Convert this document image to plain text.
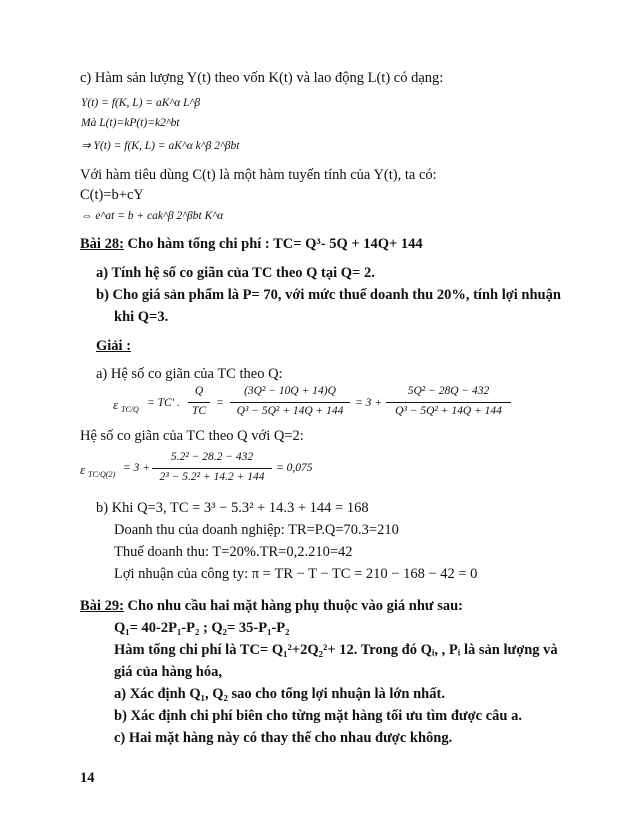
c) Hàm sản lượng Y(t) theo vốn K(t) và lao động L(t) có dạng:
Y(t) = f(K, L) = aK^α L^β
Mà L(t)=kP(t)=k2^bt
⇒ Y(t) = f(K, L) = aK^α k^β 2^βbt
Với hàm tiêu dùng C(t) là một hàm tuyến tính của Y(t), ta có:
C(t)=b+cY
⇔ e^at = b + cak^β 2^βbt K^α
Bài 28: Cho hàm tổng chi phí : TC= Q³- 5Q + 14Q+ 144
a) Tính hệ số co giãn của TC theo Q tại Q= 2.
b) Cho giá sản phẩm là P= 70, với mức thuế doanh thu 20%, tính lợi nhuận
khi Q=3.
Giải :
a) Hệ số co giãn của TC theo Q:
ε TC/Q
= TC' .
Q
TC
=
(3Q² − 10Q + 14)Q
Q³ − 5Q² + 14Q + 144
= 3 +
5Q² − 28Q − 432
Q³ − 5Q² + 14Q + 144
Hệ số co giãn của TC theo Q với Q=2:
ε TC/Q(2)
= 3 +
5.2² − 28.2 − 432
2³ − 5.2² + 14.2 + 144
= 0,075
b) Khi Q=3, TC = 3³ − 5.3² + 14.3 + 144 = 168
Doanh thu của doanh nghiệp: TR=P.Q=70.3=210
Thuế doanh thu: T=20%.TR=0,2.210=42
Lợi nhuận của công ty: π = TR − T − TC = 210 − 168 − 42 = 0
Bài 29: Cho nhu cầu hai mặt hàng phụ thuộc vào giá như sau:
Q₁= 40-2P₁-P₂ ; Q₂= 35-P₁-P₂
Hàm tổng chi phí là TC= Q₁²+2Q₂²+ 12. Trong đó Qᵢ, , Pᵢ là sản lượng và
giá của hàng hóa,
a) Xác định Q₁, Q₂ sao cho tổng lợi nhuận là lớn nhất.
b) Xác định chi phí biên cho từng mặt hàng tối ưu tìm được câu a.
c) Hai mặt hàng này có thay thế cho nhau được không.
14
